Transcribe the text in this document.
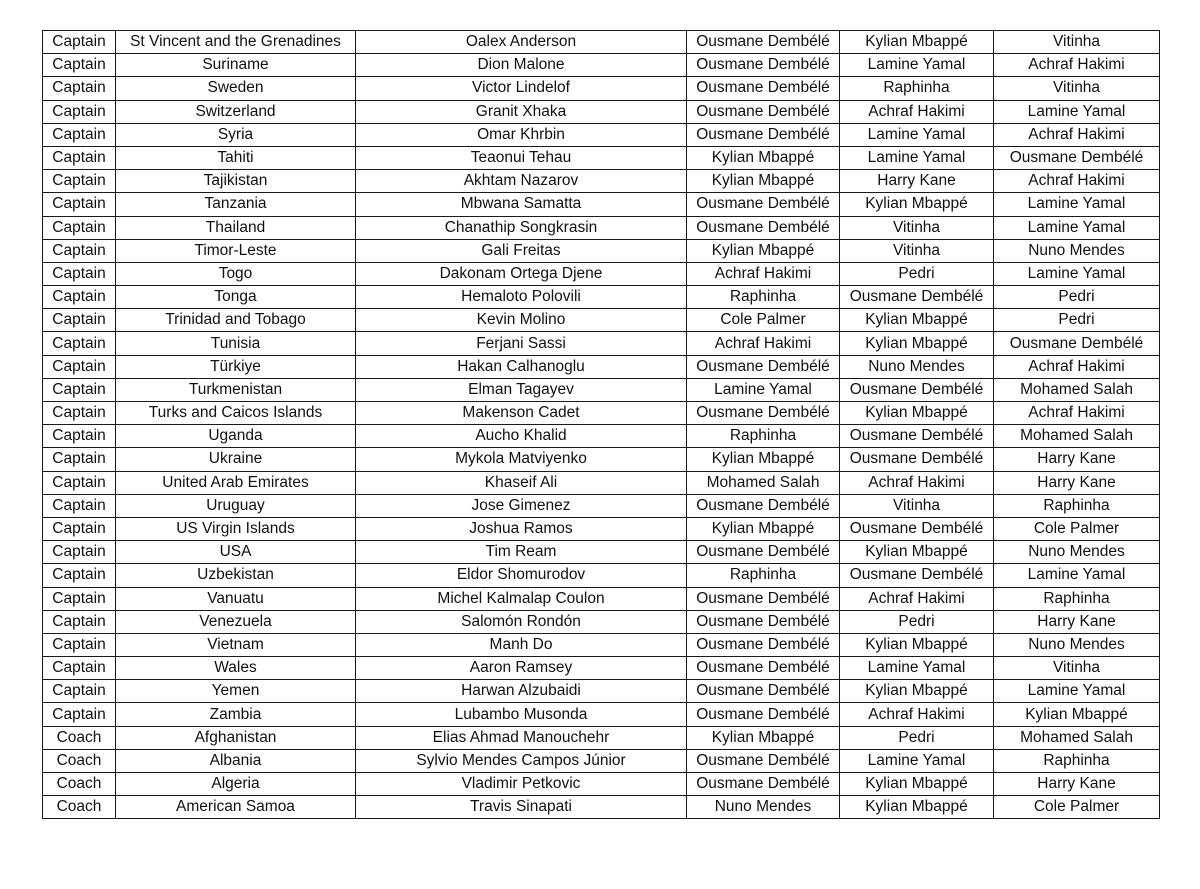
Captain	St Vincent and the Grenadines	Oalex Anderson	Ousmane Dembélé	Kylian Mbappé	Vitinha
Captain	Suriname	Dion Malone	Ousmane Dembélé	Lamine Yamal	Achraf Hakimi
Captain	Sweden	Victor Lindelof	Ousmane Dembélé	Raphinha	Vitinha
Captain	Switzerland	Granit Xhaka	Ousmane Dembélé	Achraf Hakimi	Lamine Yamal
Captain	Syria	Omar Khrbin	Ousmane Dembélé	Lamine Yamal	Achraf Hakimi
Captain	Tahiti	Teaonui Tehau	Kylian Mbappé	Lamine Yamal	Ousmane Dembélé
Captain	Tajikistan	Akhtam Nazarov	Kylian Mbappé	Harry Kane	Achraf Hakimi
Captain	Tanzania	Mbwana Samatta	Ousmane Dembélé	Kylian Mbappé	Lamine Yamal
Captain	Thailand	Chanathip Songkrasin	Ousmane Dembélé	Vitinha	Lamine Yamal
Captain	Timor-Leste	Gali Freitas	Kylian Mbappé	Vitinha	Nuno Mendes
Captain	Togo	Dakonam Ortega Djene	Achraf Hakimi	Pedri	Lamine Yamal
Captain	Tonga	Hemaloto Polovili	Raphinha	Ousmane Dembélé	Pedri
Captain	Trinidad and Tobago	Kevin Molino	Cole Palmer	Kylian Mbappé	Pedri
Captain	Tunisia	Ferjani Sassi	Achraf Hakimi	Kylian Mbappé	Ousmane Dembélé
Captain	Türkiye	Hakan Calhanoglu	Ousmane Dembélé	Nuno Mendes	Achraf Hakimi
Captain	Turkmenistan	Elman Tagayev	Lamine Yamal	Ousmane Dembélé	Mohamed Salah
Captain	Turks and Caicos Islands	Makenson Cadet	Ousmane Dembélé	Kylian Mbappé	Achraf Hakimi
Captain	Uganda	Aucho Khalid	Raphinha	Ousmane Dembélé	Mohamed Salah
Captain	Ukraine	Mykola Matviyenko	Kylian Mbappé	Ousmane Dembélé	Harry Kane
Captain	United Arab Emirates	Khaseif Ali	Mohamed Salah	Achraf Hakimi	Harry Kane
Captain	Uruguay	Jose Gimenez	Ousmane Dembélé	Vitinha	Raphinha
Captain	US Virgin Islands	Joshua Ramos	Kylian Mbappé	Ousmane Dembélé	Cole Palmer
Captain	USA	Tim Ream	Ousmane Dembélé	Kylian Mbappé	Nuno Mendes
Captain	Uzbekistan	Eldor Shomurodov	Raphinha	Ousmane Dembélé	Lamine Yamal
Captain	Vanuatu	Michel Kalmalap Coulon	Ousmane Dembélé	Achraf Hakimi	Raphinha
Captain	Venezuela	Salomón Rondón	Ousmane Dembélé	Pedri	Harry Kane
Captain	Vietnam	Manh Do	Ousmane Dembélé	Kylian Mbappé	Nuno Mendes
Captain	Wales	Aaron Ramsey	Ousmane Dembélé	Lamine Yamal	Vitinha
Captain	Yemen	Harwan Alzubaidi	Ousmane Dembélé	Kylian Mbappé	Lamine Yamal
Captain	Zambia	Lubambo Musonda	Ousmane Dembélé	Achraf Hakimi	Kylian Mbappé
Coach	Afghanistan	Elias Ahmad Manouchehr	Kylian Mbappé	Pedri	Mohamed Salah
Coach	Albania	Sylvio Mendes Campos Júnior	Ousmane Dembélé	Lamine Yamal	Raphinha
Coach	Algeria	Vladimir Petkovic	Ousmane Dembélé	Kylian Mbappé	Harry Kane
Coach	American Samoa	Travis Sinapati	Nuno Mendes	Kylian Mbappé	Cole Palmer
